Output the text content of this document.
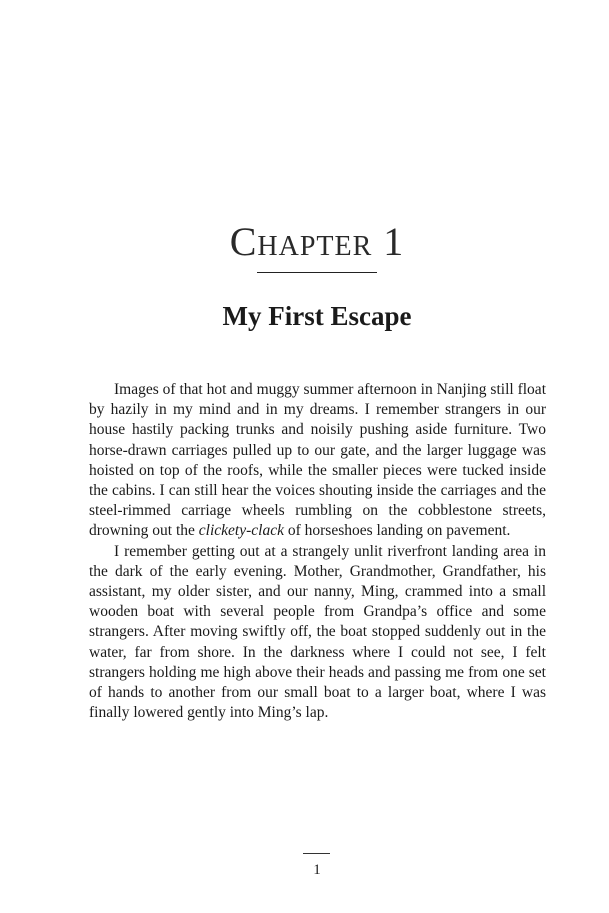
Chapter 1
My First Escape

Images of that hot and muggy summer afternoon in Nanjing still float by hazily in my mind and in my dreams. I remember strangers in our house hastily packing trunks and noisily pushing aside furniture. Two horse-drawn carriages pulled up to our gate, and the larger luggage was hoisted on top of the roofs, while the smaller pieces were tucked inside the cabins. I can still hear the voices shouting inside the carriages and the steel-rimmed carriage wheels rumbling on the cobblestone streets, drowning out the clickety-clack of horseshoes landing on pavement.

I remember getting out at a strangely unlit riverfront landing area in the dark of the early evening. Mother, Grandmother, Grandfather, his assistant, my older sister, and our nanny, Ming, crammed into a small wooden boat with several people from Grandpa’s office and some strangers. After moving swiftly off, the boat stopped suddenly out in the water, far from shore. In the darkness where I could not see, I felt strangers holding me high above their heads and passing me from one set of hands to another from our small boat to a larger boat, where I was finally lowered gently into Ming’s lap.

1
